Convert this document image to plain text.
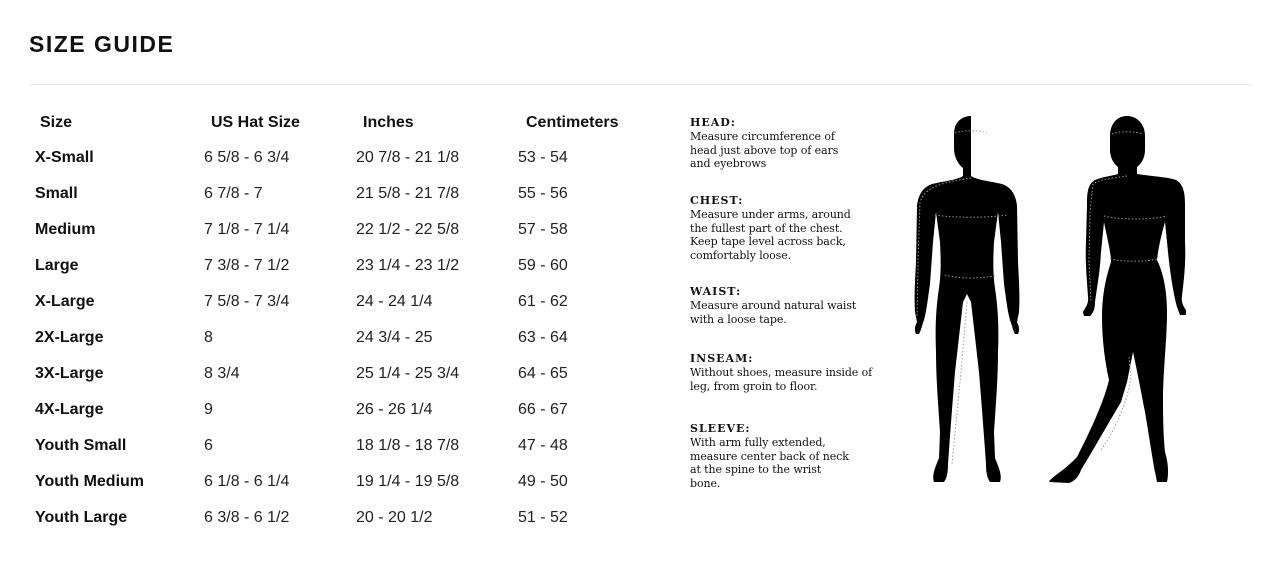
SIZE GUIDE
Size	US Hat Size	Inches	Centimeters
X-Small	6 5/8 - 6 3/4	20 7/8 - 21 1/8	53 - 54
Small	6 7/8 - 7	21 5/8 - 21 7/8	55 - 56
Medium	7 1/8 - 7 1/4	22 1/2 - 22 5/8	57 - 58
Large	7 3/8 - 7 1/2	23 1/4 - 23 1/2	59 - 60
X-Large	7 5/8 - 7 3/4	24 - 24 1/4	61 - 62
2X-Large	8	24 3/4 - 25	63 - 64
3X-Large	8 3/4	25 1/4 - 25 3/4	64 - 65
4X-Large	9	26 - 26 1/4	66 - 67
Youth Small	6	18 1/8 - 18 7/8	47 - 48
Youth Medium	6 1/8 - 6 1/4	19 1/4 - 19 5/8	49 - 50
Youth Large	6 3/8 - 6 1/2	20 - 20 1/2	51 - 52
HEAD:
Measure circumference of
head just above top of ears
and eyebrows
CHEST:
Measure under arms, around
the fullest part of the chest.
Keep tape level across back,
comfortably loose.
WAIST:
Measure around natural waist
with a loose tape.
INSEAM:
Without shoes, measure inside of
leg, from groin to floor.
SLEEVE:
With arm fully extended,
measure center back of neck
at the spine to the wrist
bone.
